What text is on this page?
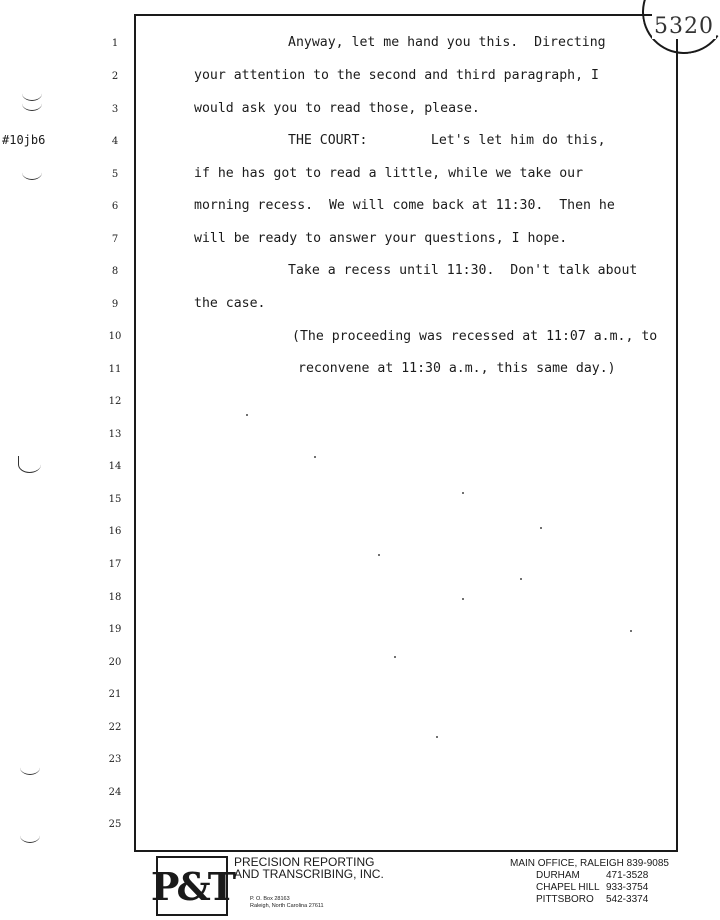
5320
#10jb6
1
2
3
4
5
6
7
8
9
10
11
12
13
14
15
16
17
18
19
20
21
22
23
24
25
Anyway, let me hand you this.  Directing
your attention to the second and third paragraph, I
would ask you to read those, please.
THE COURT:        Let's let him do this,
if he has got to read a little, while we take our
morning recess.  We will come back at 11:30.  Then he
will be ready to answer your questions, I hope.
Take a recess until 11:30.  Don't talk about
the case.
(The proceeding was recessed at 11:07 a.m., to
reconvene at 11:30 a.m., this same day.)
P&T
PRECISION REPORTING
AND TRANSCRIBING, INC.
P. O. Box 28163
Raleigh, North Carolina 27611
MAIN OFFICE, RALEIGH 839-9085
DURHAM	471-3528
CHAPEL HILL 933-3754
PITTSBORO	542-3374
